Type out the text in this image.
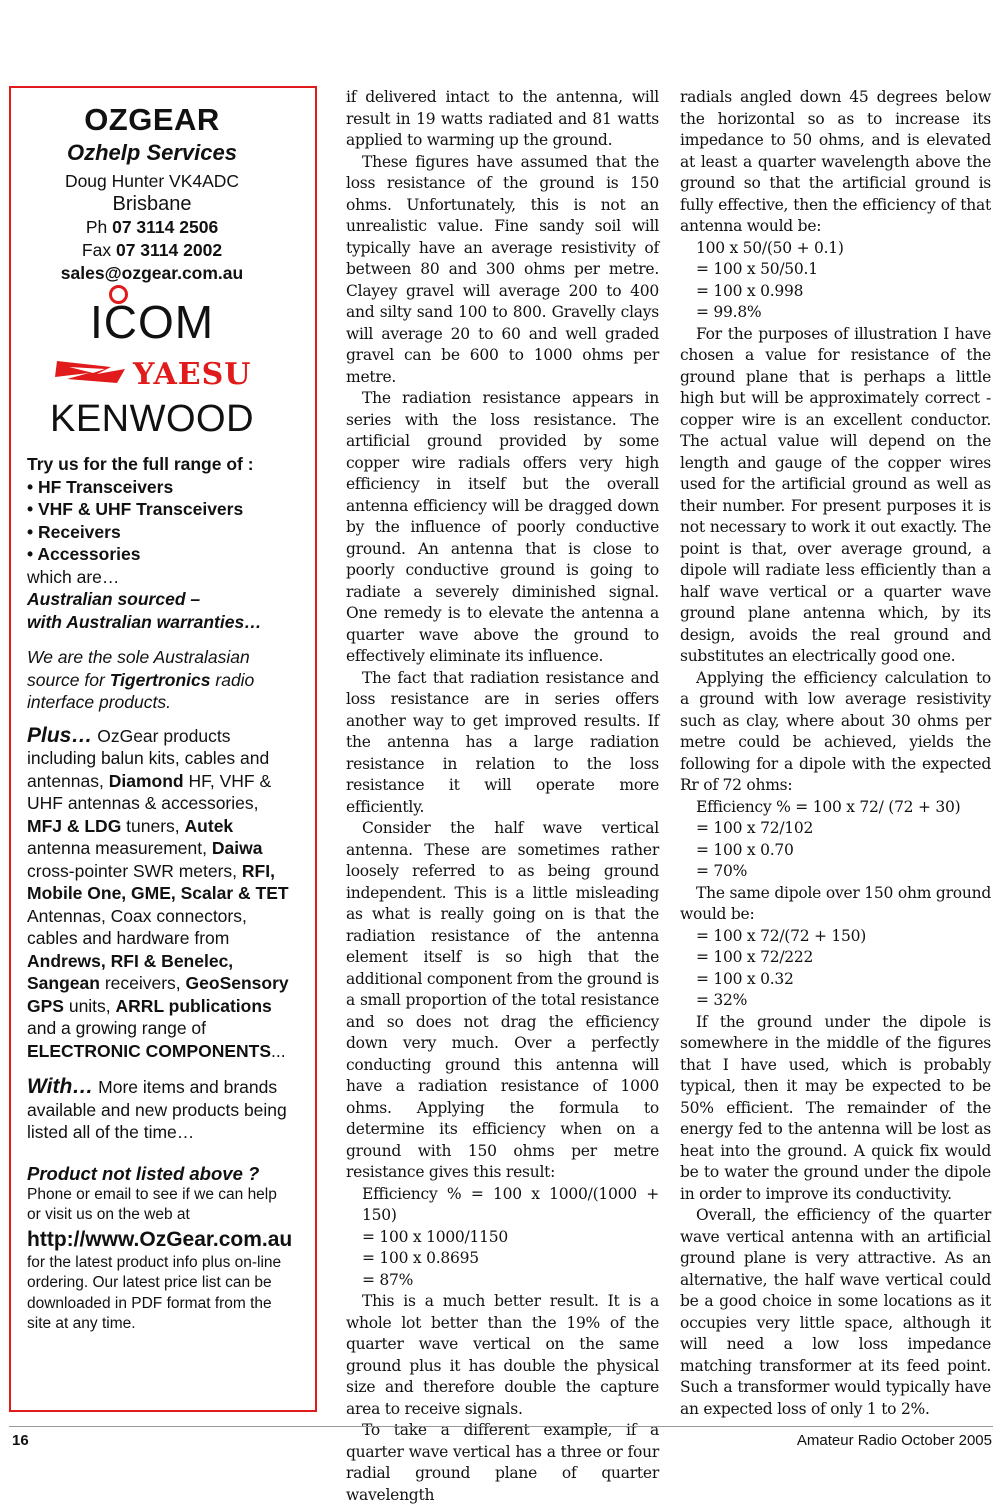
OZGEAR
Ozhelp Services
Doug Hunter VK4ADC
Brisbane
Ph 07 3114 2506
Fax 07 3114 2002
sales@ozgear.com.au
ICOM
YAESU
KENWOOD
Try us for the full range of :
• HF Transceivers
• VHF & UHF Transceivers
• Receivers
• Accessories
which are…
Australian sourced –
with Australian warranties…
We are the sole Australasian
source for Tigertronics radio
interface products.
Plus… OzGear products
including balun kits, cables and
antennas, Diamond HF, VHF &
UHF antennas & accessories,
MFJ & LDG tuners, Autek
antenna measurement, Daiwa
cross-pointer SWR meters, RFI,
Mobile One, GME, Scalar & TET
Antennas, Coax connectors,
cables and hardware from
Andrews, RFI & Benelec,
Sangean receivers, GeoSensory
GPS units, ARRL publications
and a growing range of
ELECTRONIC COMPONENTS...
With… More items and brands
available and new products being
listed all of the time…
Product not listed above ?
Phone or email to see if we can help
or visit us on the web at
http://www.OzGear.com.au
for the latest product info plus on-line
ordering. Our latest price list can be
downloaded in PDF format from the
site at any time.

if delivered intact to the antenna, will result in 19 watts radiated and 81 watts applied to warming up the ground.

These figures have assumed that the loss resistance of the ground is 150 ohms. Unfortunately, this is not an unrealistic value. Fine sandy soil will typically have an average resistivity of between 80 and 300 ohms per metre. Clayey gravel will average 200 to 400 and silty sand 100 to 800. Gravelly clays will average 20 to 60 and well graded gravel can be 600 to 1000 ohms per metre.

The radiation resistance appears in series with the loss resistance. The artificial ground provided by some copper wire radials offers very high efficiency in itself but the overall antenna efficiency will be dragged down by the influence of poorly conductive ground. An antenna that is close to poorly conductive ground is going to radiate a severely diminished signal. One remedy is to elevate the antenna a quarter wave above the ground to effectively eliminate its influence.

The fact that radiation resistance and loss resistance are in series offers another way to get improved results. If the antenna has a large radiation resistance in relation to the loss resistance it will operate more efficiently.

Consider the half wave vertical antenna. These are sometimes rather loosely referred to as being ground independent. This is a little misleading as what is really going on is that the radiation resistance of the antenna element itself is so high that the additional component from the ground is a small proportion of the total resistance and so does not drag the efficiency down very much. Over a perfectly conducting ground this antenna will have a radiation resistance of 1000 ohms. Applying the formula to determine its efficiency when on a ground with 150 ohms per metre resistance gives this result:

Efficiency % = 100 x 1000/(1000 + 150)
= 100 x 1000/1150
= 100 x 0.8695
= 87%

This is a much better result. It is a whole lot better than the 19% of the quarter wave vertical on the same ground plus it has double the physical size and therefore double the capture area to receive signals.

To take a different example, if a quarter wave vertical has a three or four radial ground plane of quarter wavelength

radials angled down 45 degrees below the horizontal so as to increase its impedance to 50 ohms, and is elevated at least a quarter wavelength above the ground so that the artificial ground is fully effective, then the efficiency of that antenna would be:

100 x 50/(50 + 0.1)
= 100 x 50/50.1
= 100 x 0.998
= 99.8%

For the purposes of illustration I have chosen a value for resistance of the ground plane that is perhaps a little high but will be approximately correct - copper wire is an excellent conductor. The actual value will depend on the length and gauge of the copper wires used for the artificial ground as well as their number. For present purposes it is not necessary to work it out exactly. The point is that, over average ground, a dipole will radiate less efficiently than a half wave vertical or a quarter wave ground plane antenna which, by its design, avoids the real ground and substitutes an electrically good one.

Applying the efficiency calculation to a ground with low average resistivity such as clay, where about 30 ohms per metre could be achieved, yields the following for a dipole with the expected Rr of 72 ohms:

Efficiency % = 100 x 72/ (72 + 30)
= 100 x 72/102
= 100 x 0.70
= 70%

The same dipole over 150 ohm ground would be:

= 100 x 72/(72 + 150)
= 100 x 72/222
= 100 x 0.32
= 32%

If the ground under the dipole is somewhere in the middle of the figures that I have used, which is probably typical, then it may be expected to be 50% efficient. The remainder of the energy fed to the antenna will be lost as heat into the ground. A quick fix would be to water the ground under the dipole in order to improve its conductivity.

Overall, the efficiency of the quarter wave vertical antenna with an artificial ground plane is very attractive. As an alternative, the half wave vertical could be a good choice in some locations as it occupies very little space, although it will need a low loss impedance matching transformer at its feed point. Such a transformer would typically have an expected loss of only 1 to 2%.

16	Amateur Radio October 2005
